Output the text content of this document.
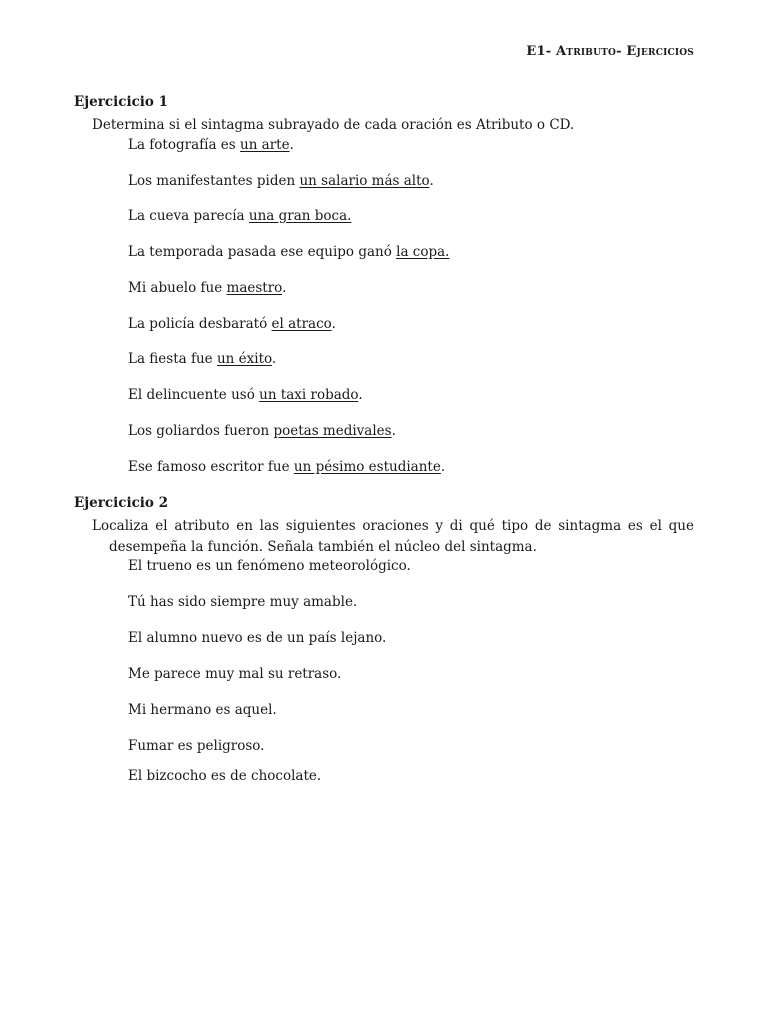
E1- Atributo- Ejercicios
Ejercicicio 1
Determina si el sintagma subrayado de cada oración es Atributo o CD.
La fotografía es un arte.
Los manifestantes piden un salario más alto.
La cueva parecía una gran boca.
La temporada pasada ese equipo ganó la copa.
Mi abuelo fue maestro.
La policía desbarató el atraco.
La fiesta fue un éxito.
El delincuente usó un taxi robado.
Los goliardos fueron poetas medivales.
Ese famoso escritor fue un pésimo estudiante.
Ejercicicio 2
Localiza el atributo en las siguientes oraciones y di qué tipo de sintagma es el que
desempeña la función. Señala también el núcleo del sintagma.
El trueno es un fenómeno meteorológico.
Tú has sido siempre muy amable.
El alumno nuevo es de un país lejano.
Me parece muy mal su retraso.
Mi hermano es aquel.
Fumar es peligroso.
El bizcocho es de chocolate.
